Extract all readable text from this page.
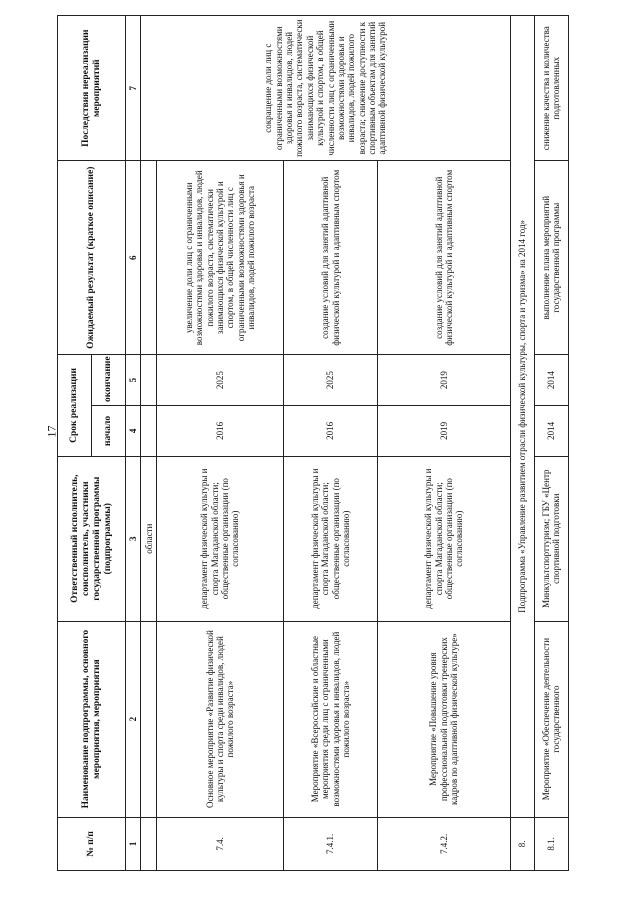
17
№ п/п	Наименование подпрограммы, основного мероприятия, мероприятия	Ответственный исполнитель, соисполнитель, участники государственной программы (подпрограммы)	Срок реализации		Ожидаемый результат (краткое описание)	Последствия нереализации мероприятий
			начало	окончание		
1	2	3	4	5	6	7
		области				сокращение доли лиц с ограниченными возможностями здоровья и инвалидов, людей пожилого возраста, систематически занимающихся физической культурой и спортом, в общей численности лиц с ограниченными возможностями здоровья и инвалидов, людей пожилого возраста; снижение доступности к спортивным объектам для занятий адаптивной физической культурой
7.4.	Основное мероприятие «Развитие физической культуры и спорта среди инвалидов, людей пожилого возраста»	департамент физической культуры и спорта Магаданской области; общественные организации (по согласованию)	2016	2025	увеличение доли лиц с ограниченными возможностями здоровья и инвалидов, людей пожилого возраста, систематически занимающихся физической культурой и спортом, в общей численности лиц с ограниченными возможностями здоровья и инвалидов, людей пожилого возраста	
7.4.1.	Мероприятие «Всероссийские и областные мероприятия среди лиц с ограниченными возможностями здоровья и инвалидов, людей пожилого возраста»	департамент физической культуры и спорта Магаданской области; общественные организации (по согласованию)	2016	2025	создание условий для занятий адаптивной физической культурой и адаптивным спортом	
7.4.2.	Мероприятие «Повышение уровня профессиональной подготовки тренерских кадров по адаптивной физической культуре»	департамент физической культуры и спорта Магаданской области; общественные организации (по согласованию)	2019	2019	создание условий для занятий адаптивной физической культурой и адаптивным спортом	
8.	Подпрограмма «Управление развитием отрасли физической культуры, спорта и туризма» на 2014 год»					
8.1.	Мероприятие «Обеспечение деятельности государственного	Минкультспорттуризм; ГБУ «Центр спортивной подготовки	2014	2014	выполнение плана мероприятий государственной программы	снижение качества и количества подготовленных
